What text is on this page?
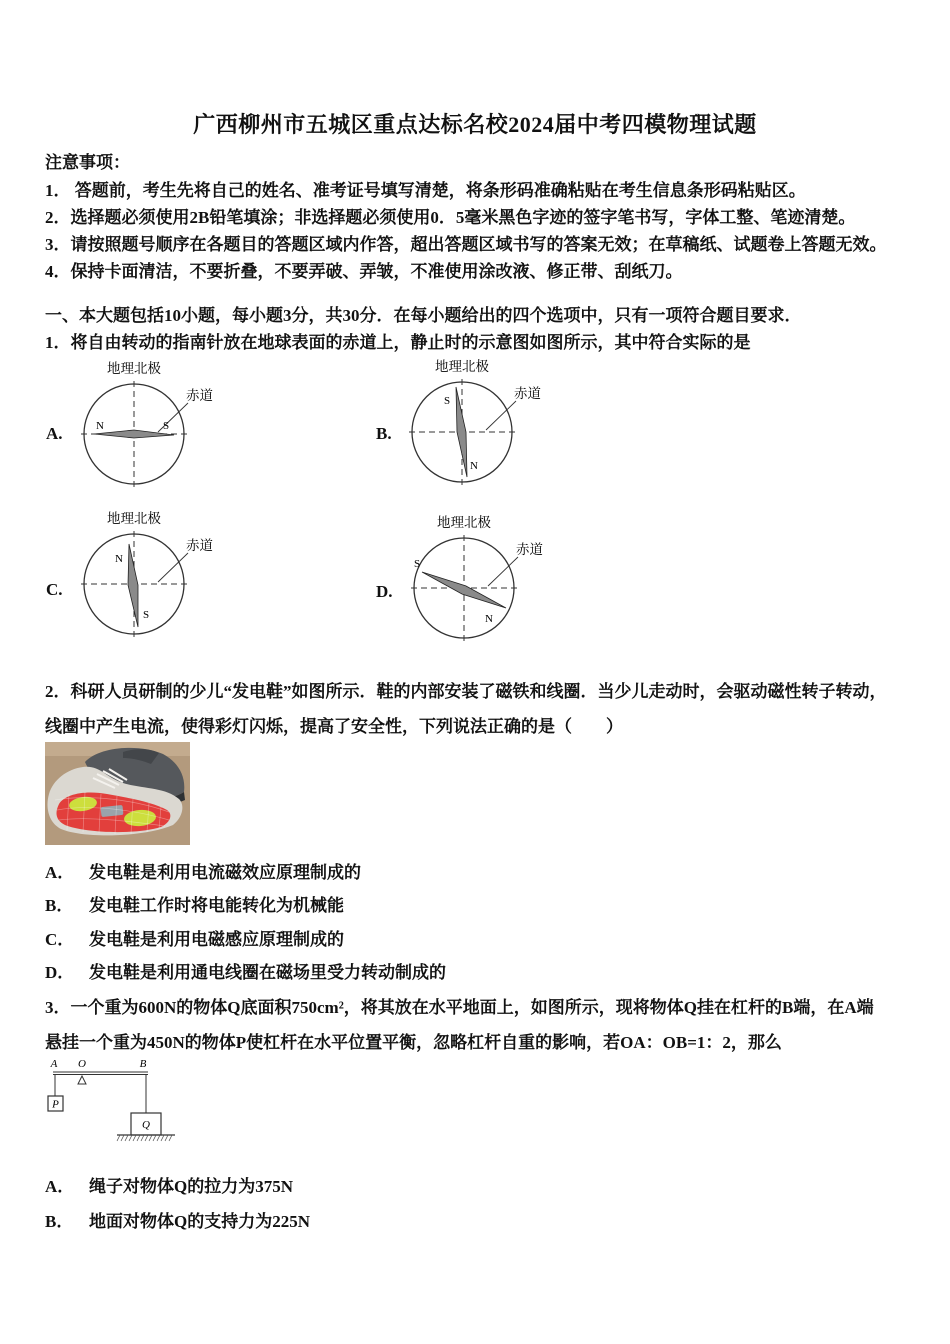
广西柳州市五城区重点达标名校2024届中考四模物理试题
注意事项：
1． 答题前，考生先将自己的姓名、准考证号填写清楚，将条形码准确粘贴在考生信息条形码粘贴区。
2．选择题必须使用2B铅笔填涂；非选择题必须使用0．5毫米黑色字迹的签字笔书写，字体工整、笔迹清楚。
3．请按照题号顺序在各题目的答题区域内作答，超出答题区域书写的答案无效；在草稿纸、试题卷上答题无效。
4．保持卡面清洁，不要折叠，不要弄破、弄皱，不准使用涂改液、修正带、刮纸刀。
一、本大题包括10小题，每小题3分，共30分．在每小题给出的四个选项中，只有一项符合题目要求．
1．将自由转动的指南针放在地球表面的赤道上，静止时的示意图如图所示，其中符合实际的是
A.	B.
C.	D.
地理北极
赤道
N	S
地理北极
赤道
S
N
地理北极
赤道
N
S
地理北极
赤道
S
N
2．科研人员研制的少儿“发电鞋”如图所示．鞋的内部安装了磁铁和线圈．当少儿走动时，会驱动磁性转子转动，
线圈中产生电流，使得彩灯闪烁，提高了安全性，下列说法正确的是（　　）
A． 发电鞋是利用电流磁效应原理制成的
B． 发电鞋工作时将电能转化为机械能
C． 发电鞋是利用电磁感应原理制成的
D． 发电鞋是利用通电线圈在磁场里受力转动制成的
3．一个重为600N的物体Q底面积750cm²，将其放在水平地面上，如图所示，现将物体Q挂在杠杆的B端，在A端
悬挂一个重为450N的物体P使杠杆在水平位置平衡，忽略杠杆自重的影响，若OA：OB=1：2，那么
A O	B
P
Q
A． 绳子对物体Q的拉力为375N
B． 地面对物体Q的支持力为225N
